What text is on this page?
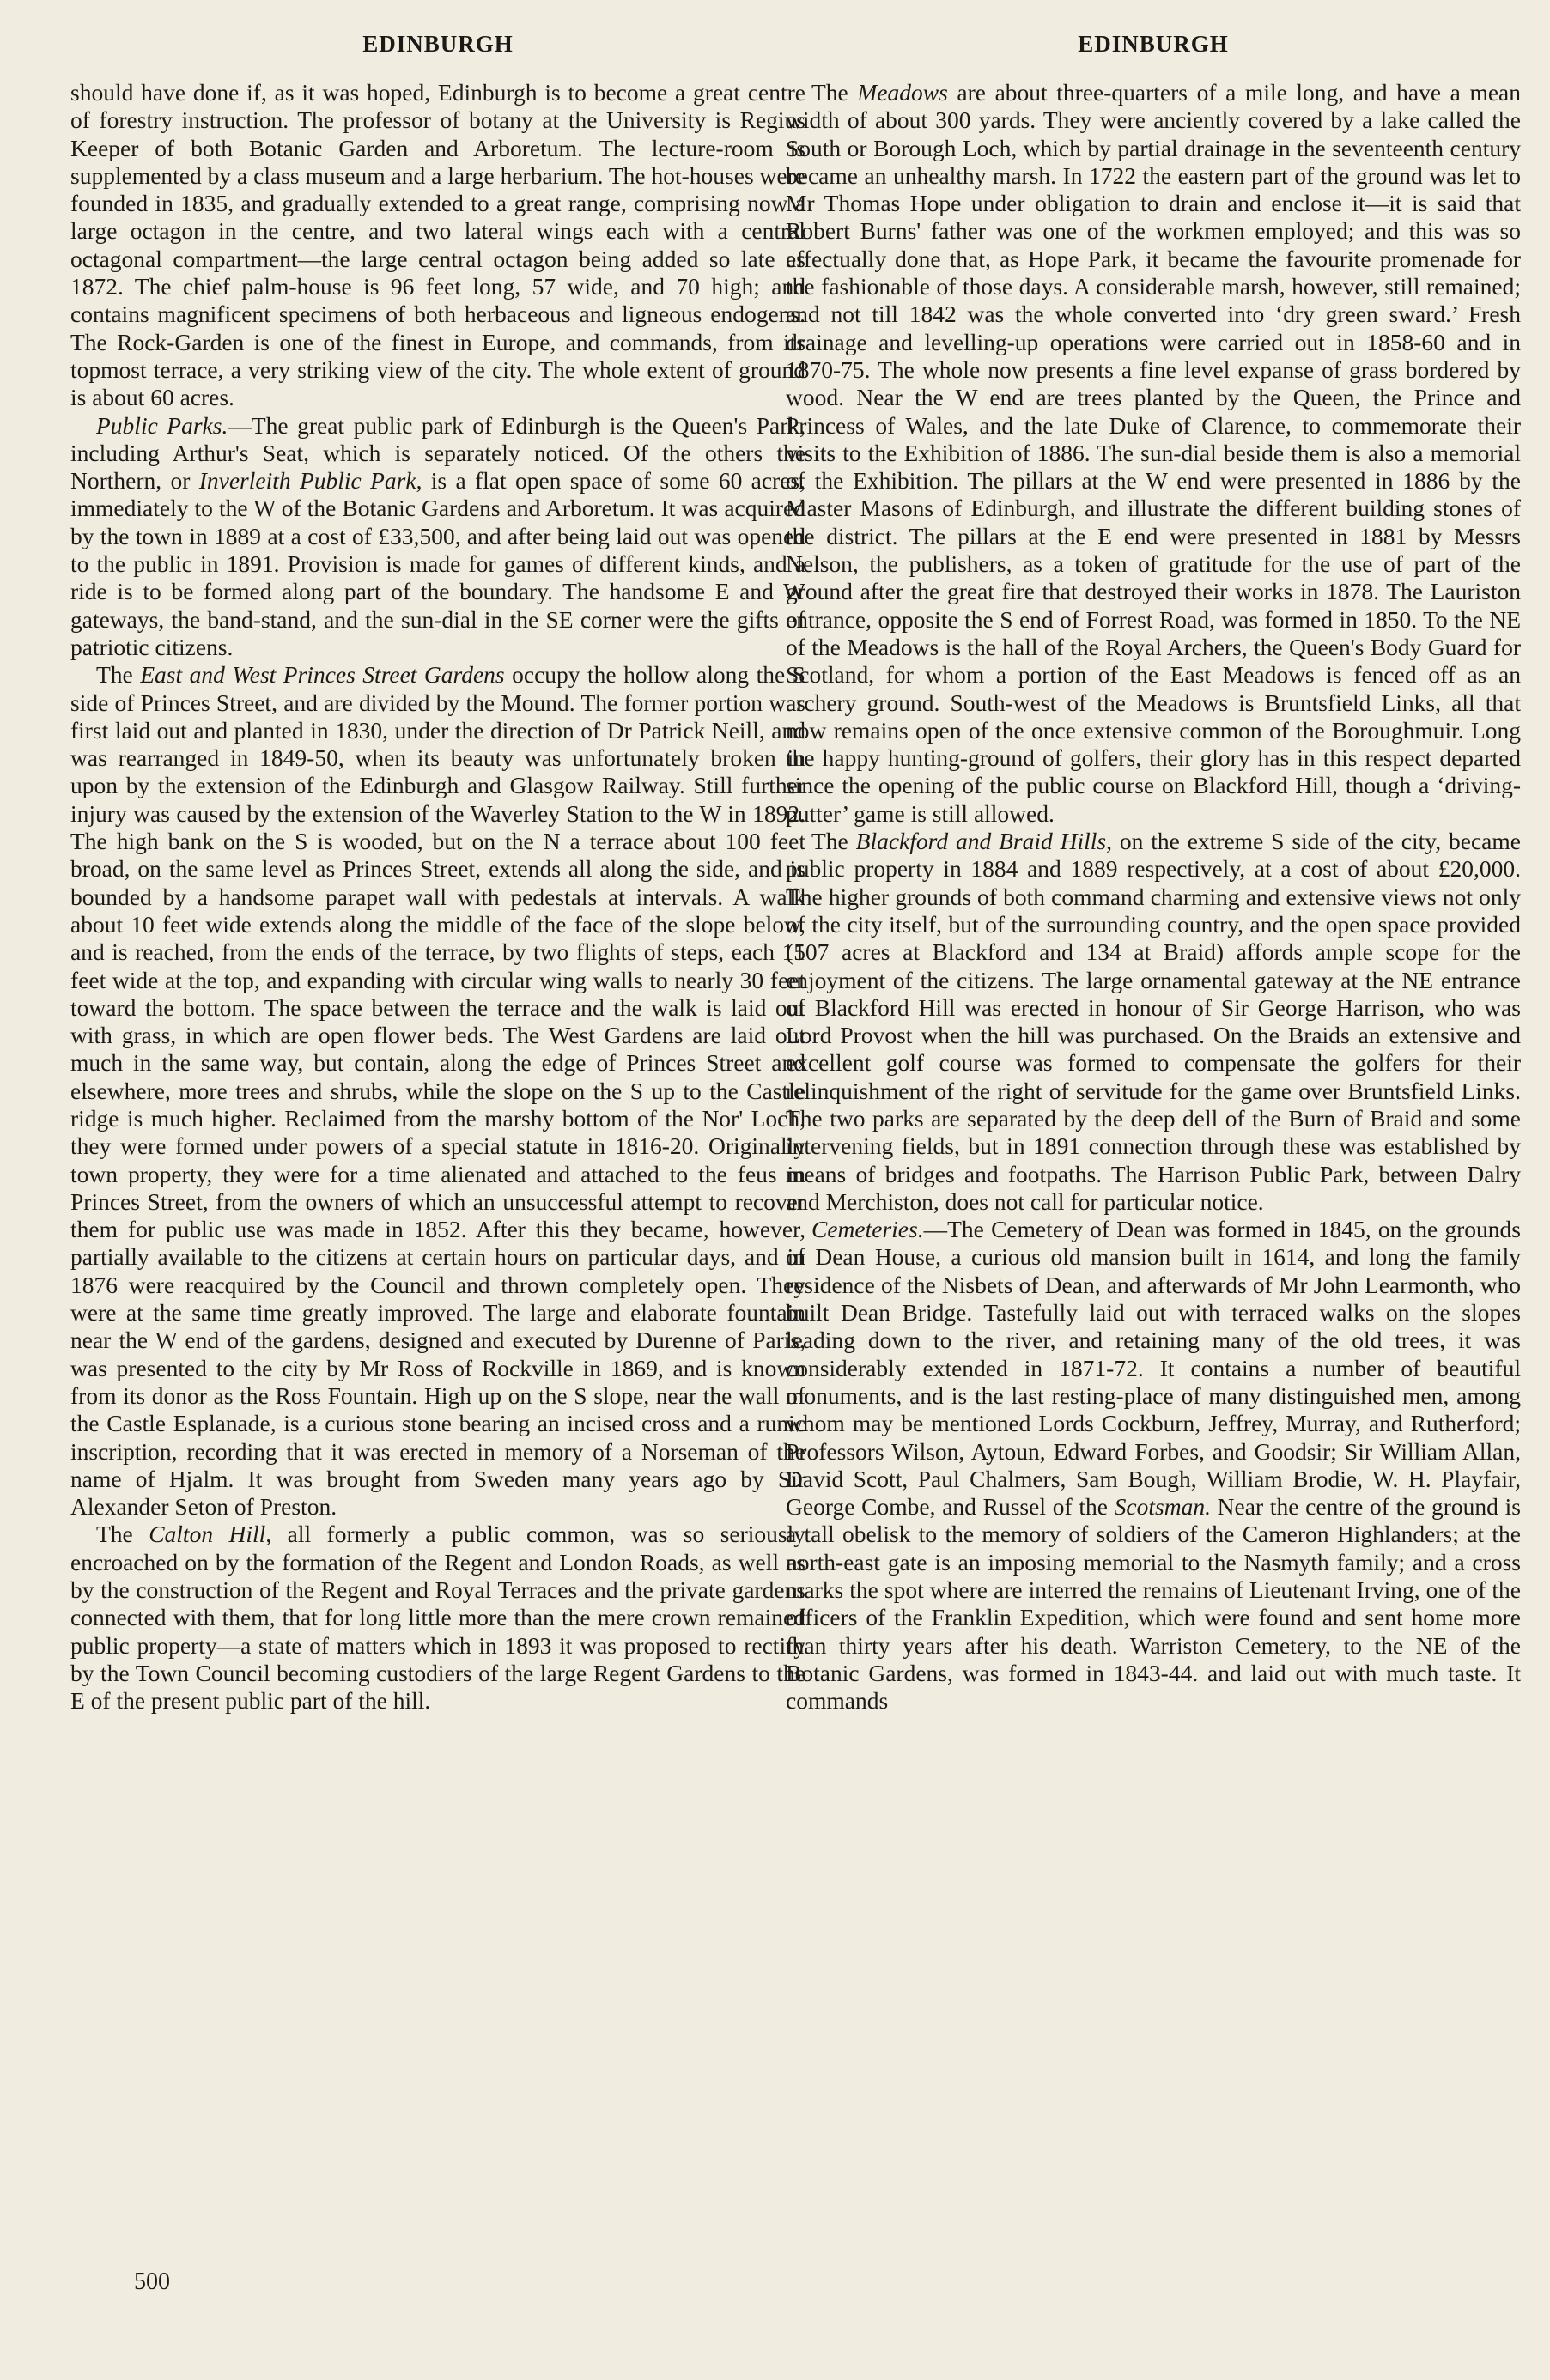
EDINBURGH	EDINBURGH

should have done if, as it was hoped, Edinburgh is to become a great centre of forestry instruction. The professor of botany at the University is Regius Keeper of both Botanic Garden and Arboretum. The lecture-room is supplemented by a class museum and a large herbarium. The hot-houses were founded in 1835, and gradually extended to a great range, comprising now a large octagon in the centre, and two lateral wings each with a central octagonal compartment—the large central octagon being added so late as 1872. The chief palm-house is 96 feet long, 57 wide, and 70 high; and contains magnificent specimens of both herbaceous and ligneous endogens. The Rock-Garden is one of the finest in Europe, and commands, from its topmost terrace, a very striking view of the city. The whole extent of ground is about 60 acres.

Public Parks.—The great public park of Edinburgh is the Queen's Park, including Arthur's Seat, which is separately noticed. Of the others the Northern, or Inverleith Public Park, is a flat open space of some 60 acres, immediately to the W of the Botanic Gardens and Arboretum. It was acquired by the town in 1889 at a cost of £33,500, and after being laid out was opened to the public in 1891. Provision is made for games of different kinds, and a ride is to be formed along part of the boundary. The handsome E and W gateways, the band-stand, and the sun-dial in the SE corner were the gifts of patriotic citizens.

The East and West Princes Street Gardens occupy the hollow along the S side of Princes Street, and are divided by the Mound. The former portion was first laid out and planted in 1830, under the direction of Dr Patrick Neill, and was rearranged in 1849-50, when its beauty was unfortunately broken in upon by the extension of the Edinburgh and Glasgow Railway. Still further injury was caused by the extension of the Waverley Station to the W in 1892. The high bank on the S is wooded, but on the N a terrace about 100 feet broad, on the same level as Princes Street, extends all along the side, and is bounded by a handsome parapet wall with pedestals at intervals. A walk about 10 feet wide extends along the middle of the face of the slope below, and is reached, from the ends of the terrace, by two flights of steps, each 15 feet wide at the top, and expanding with circular wing walls to nearly 30 feet toward the bottom. The space between the terrace and the walk is laid out with grass, in which are open flower beds. The West Gardens are laid out much in the same way, but contain, along the edge of Princes Street and elsewhere, more trees and shrubs, while the slope on the S up to the Castle ridge is much higher. Reclaimed from the marshy bottom of the Nor' Loch, they were formed under powers of a special statute in 1816-20. Originally town property, they were for a time alienated and attached to the feus in Princes Street, from the owners of which an unsuccessful attempt to recover them for public use was made in 1852. After this they became, however, partially available to the citizens at certain hours on particular days, and in 1876 were reacquired by the Council and thrown completely open. They were at the same time greatly improved. The large and elaborate fountain near the W end of the gardens, designed and executed by Durenne of Paris, was presented to the city by Mr Ross of Rockville in 1869, and is known from its donor as the Ross Fountain. High up on the S slope, near the wall of the Castle Esplanade, is a curious stone bearing an incised cross and a runic inscription, recording that it was erected in memory of a Norseman of the name of Hjalm. It was brought from Sweden many years ago by Sir Alexander Seton of Preston.

The Calton Hill, all formerly a public common, was so seriously encroached on by the formation of the Regent and London Roads, as well as by the construction of the Regent and Royal Terraces and the private gardens connected with them, that for long little more than the mere crown remained public property—a state of matters which in 1893 it was proposed to rectify by the Town Council becoming custodiers of the large Regent Gardens to the E of the present public part of the hill.

The Meadows are about three-quarters of a mile long, and have a mean width of about 300 yards. They were anciently covered by a lake called the South or Borough Loch, which by partial drainage in the seventeenth century became an unhealthy marsh. In 1722 the eastern part of the ground was let to Mr Thomas Hope under obligation to drain and enclose it—it is said that Robert Burns' father was one of the workmen employed; and this was so effectually done that, as Hope Park, it became the favourite promenade for the fashionable of those days. A considerable marsh, however, still remained; and not till 1842 was the whole converted into ‘dry green sward.’ Fresh drainage and levelling-up operations were carried out in 1858-60 and in 1870-75. The whole now presents a fine level expanse of grass bordered by wood. Near the W end are trees planted by the Queen, the Prince and Princess of Wales, and the late Duke of Clarence, to commemorate their visits to the Exhibition of 1886. The sun-dial beside them is also a memorial of the Exhibition. The pillars at the W end were presented in 1886 by the Master Masons of Edinburgh, and illustrate the different building stones of the district. The pillars at the E end were presented in 1881 by Messrs Nelson, the publishers, as a token of gratitude for the use of part of the ground after the great fire that destroyed their works in 1878. The Lauriston entrance, opposite the S end of Forrest Road, was formed in 1850. To the NE of the Meadows is the hall of the Royal Archers, the Queen's Body Guard for Scotland, for whom a portion of the East Meadows is fenced off as an archery ground. South-west of the Meadows is Bruntsfield Links, all that now remains open of the once extensive common of the Boroughmuir. Long the happy hunting-ground of golfers, their glory has in this respect departed since the opening of the public course on Blackford Hill, though a ‘driving-putter’ game is still allowed.

The Blackford and Braid Hills, on the extreme S side of the city, became public property in 1884 and 1889 respectively, at a cost of about £20,000. The higher grounds of both command charming and extensive views not only of the city itself, but of the surrounding country, and the open space provided (107 acres at Blackford and 134 at Braid) affords ample scope for the enjoyment of the citizens. The large ornamental gateway at the NE entrance of Blackford Hill was erected in honour of Sir George Harrison, who was Lord Provost when the hill was purchased. On the Braids an extensive and excellent golf course was formed to compensate the golfers for their relinquishment of the right of servitude for the game over Bruntsfield Links. The two parks are separated by the deep dell of the Burn of Braid and some intervening fields, but in 1891 connection through these was established by means of bridges and footpaths. The Harrison Public Park, between Dalry and Merchiston, does not call for particular notice.

Cemeteries.—The Cemetery of Dean was formed in 1845, on the grounds of Dean House, a curious old mansion built in 1614, and long the family residence of the Nisbets of Dean, and afterwards of Mr John Learmonth, who built Dean Bridge. Tastefully laid out with terraced walks on the slopes leading down to the river, and retaining many of the old trees, it was considerably extended in 1871-72. It contains a number of beautiful monuments, and is the last resting-place of many distinguished men, among whom may be mentioned Lords Cockburn, Jeffrey, Murray, and Rutherford; Professors Wilson, Aytoun, Edward Forbes, and Goodsir; Sir William Allan, David Scott, Paul Chalmers, Sam Bough, William Brodie, W. H. Playfair, George Combe, and Russel of the Scotsman. Near the centre of the ground is a tall obelisk to the memory of soldiers of the Cameron Highlanders; at the north-east gate is an imposing memorial to the Nasmyth family; and a cross marks the spot where are interred the remains of Lieutenant Irving, one of the officers of the Franklin Expedition, which were found and sent home more than thirty years after his death. Warriston Cemetery, to the NE of the Botanic Gardens, was formed in 1843-44. and laid out with much taste. It commands

500
